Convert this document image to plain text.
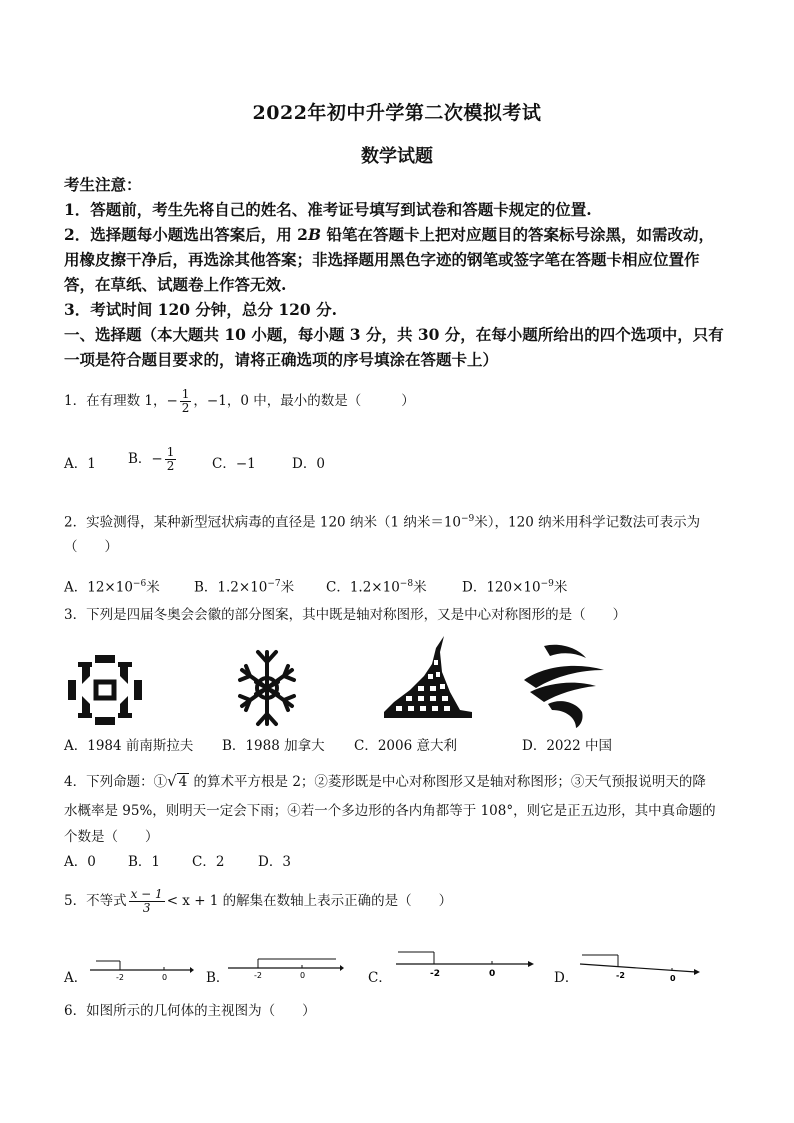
2022年初中升学第二次模拟考试
数学试题
考生注意：
1．答题前，考生先将自己的姓名、准考证号填写到试卷和答题卡规定的位置.
2．选择题每小题选出答案后，用 2B 铅笔在答题卡上把对应题目的答案标号涂黑，如需改动，
用橡皮擦干净后，再选涂其他答案；非选择题用黑色字迹的钢笔或签字笔在答题卡相应位置作
答，在草纸、试题卷上作答无效.
3．考试时间 120 分钟，总分 120 分.
一、选择题（本大题共 10 小题，每小题 3 分，共 30 分，在每小题所给出的四个选项中，只有
一项是符合题目要求的，请将正确选项的序号填涂在答题卡上）
1．在有理数 1，− $\frac{1}{2}$ ，−1，0 中，最小的数是（	）
A．1 B．− $\frac{1}{2}$	C．−1	D．0
2．实验测得，某种新型冠状病毒的直径是 120 纳米（1 纳米$=10^{-9}$米），120 纳米用科学记数法可表示为
（　　）
A．$12\times 10^{-6}$米	B．$1.2\times 10^{-7}$米 C．$1.2\times 10^{-8}$米	D．$120\times 10^{-9}$米
3．下列是四届冬奥会会徽的部分图案，其中既是轴对称图形，又是中心对称图形的是（　　）
A．1984 前南斯拉夫 B．1988 加拿大 C．2006 意大利	D．2022 中国
4．下列命题：①√ 4 的算术平方根是 2；②菱形既是中心对称图形又是轴对称图形；③天气预报说明天的降
水概率是 95%，则明天一定会下雨；④若一个多边形的各内角都等于 108°，则它是正五边形，其中真命题的
个数是（　　）
A．0 B．1 C．2 D．3
5．不等式 $\frac{x - 1}{3} < x + 1$ 的解集在数轴上表示正确的是（　　）
A．	-2	0	B．	-2	0	C．	-2	0	D．	-2	0
6．如图所示的几何体的主视图为（　　）
